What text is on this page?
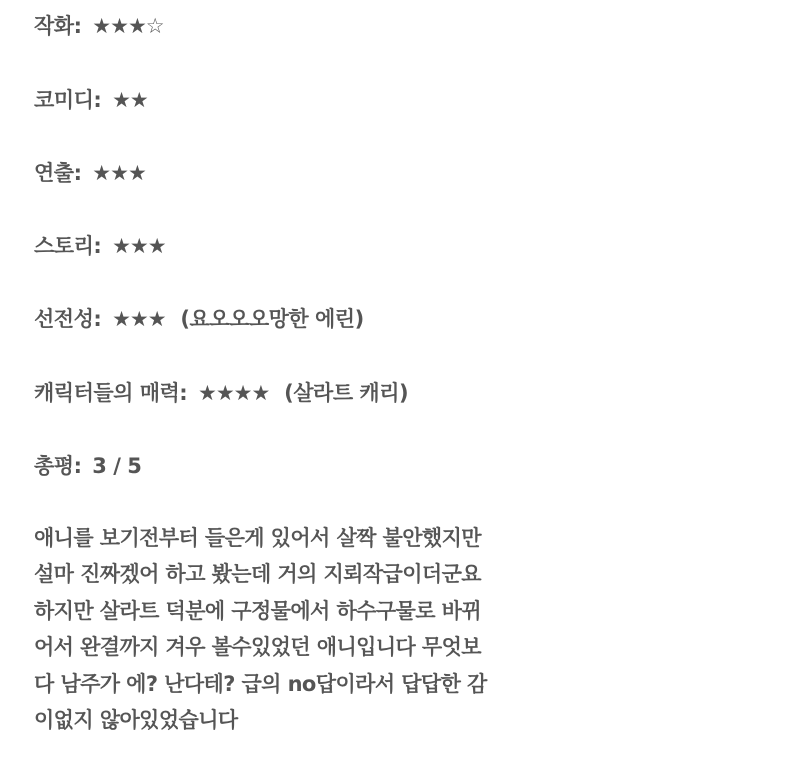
작화: ★★★☆
코미디: ★★
연출: ★★★
스토리: ★★★
선전성: ★★★ (요오오오망한 에린)
캐릭터들의 매력: ★★★★ (살라트 캐리)
총평: 3 / 5
애니를 보기전부터 들은게 있어서 살짝 불안했지만
설마 진짜겠어 하고 봤는데 거의 지뢰작급이더군요
하지만 살라트 덕분에 구정물에서 하수구물로 바뀌
어서 완결까지 겨우 볼수있었던 애니입니다 무엇보
다 남주가 에? 난다테? 급의 no답이라서 답답한 감
이없지 않아있었습니다
